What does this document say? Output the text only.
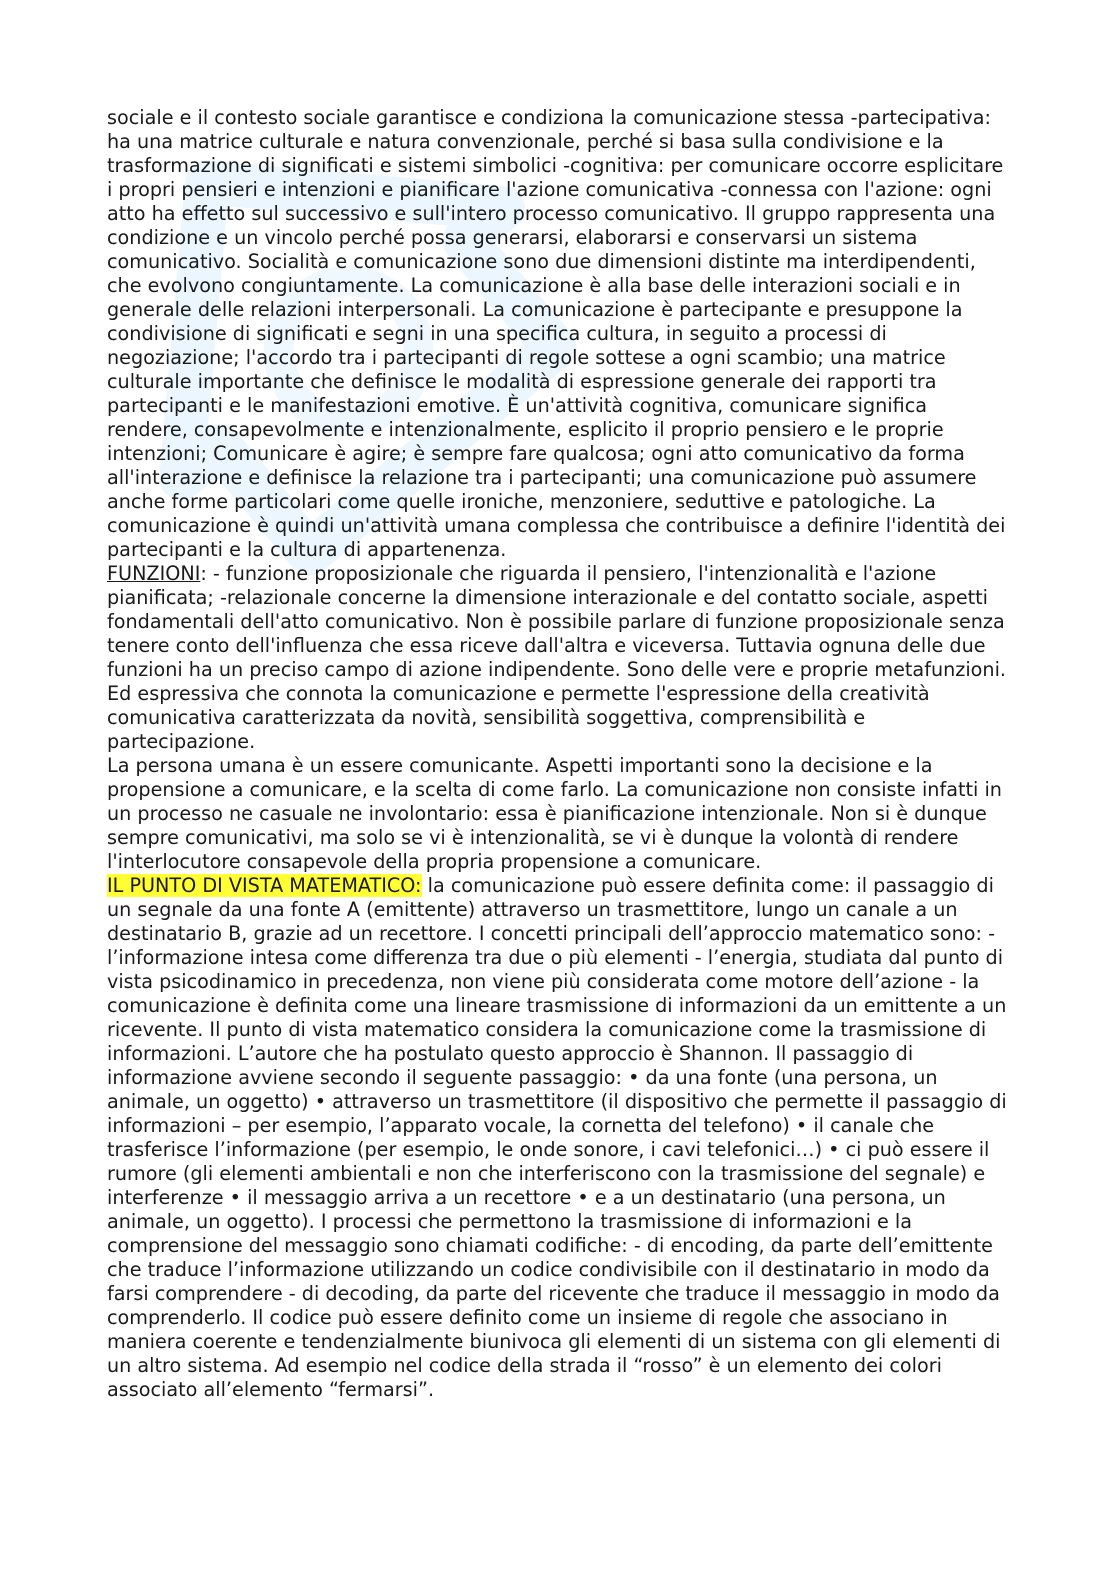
sociale e il contesto sociale garantisce e condiziona la comunicazione stessa -partecipativa: ha una matrice culturale e natura convenzionale, perché si basa sulla condivisione e la trasformazione di significati e sistemi simbolici -cognitiva: per comunicare occorre esplicitare i propri pensieri e intenzioni e pianificare l'azione comunicativa -connessa con l'azione: ogni atto ha effetto sul successivo e sull'intero processo comunicativo. Il gruppo rappresenta una condizione e un vincolo perché possa generarsi, elaborarsi e conservarsi un sistema comunicativo. Socialità e comunicazione sono due dimensioni distinte ma interdipendenti, che evolvono congiuntamente. La comunicazione è alla base delle interazioni sociali e in generale delle relazioni interpersonali. La comunicazione è partecipante e presuppone la condivisione di significati e segni in una specifica cultura, in seguito a processi di negoziazione; l'accordo tra i partecipanti di regole sottese a ogni scambio; una matrice culturale importante che definisce le modalità di espressione generale dei rapporti tra partecipanti e le manifestazioni emotive. È un'attività cognitiva, comunicare significa rendere, consapevolmente e intenzionalmente, esplicito il proprio pensiero e le proprie intenzioni; Comunicare è agire; è sempre fare qualcosa; ogni atto comunicativo da forma all'interazione e definisce la relazione tra i partecipanti; una comunicazione può assumere anche forme particolari come quelle ironiche, menzoniere, seduttive e patologiche. La comunicazione è quindi un'attività umana complessa che contribuisce a definire l'identità dei partecipanti e la cultura di appartenenza.

FUNZIONI: - funzione proposizionale che riguarda il pensiero, l'intenzionalità e l'azione pianificata; -relazionale concerne la dimensione interazionale e del contatto sociale, aspetti fondamentali dell'atto comunicativo. Non è possibile parlare di funzione proposizionale senza tenere conto dell'influenza che essa riceve dall'altra e viceversa. Tuttavia ognuna delle due funzioni ha un preciso campo di azione indipendente. Sono delle vere e proprie metafunzioni. Ed espressiva che connota la comunicazione e permette l'espressione della creatività comunicativa caratterizzata da novità, sensibilità soggettiva, comprensibilità e partecipazione.

La persona umana è un essere comunicante. Aspetti importanti sono la decisione e la propensione a comunicare, e la scelta di come farlo. La comunicazione non consiste infatti in un processo ne casuale ne involontario: essa è pianificazione intenzionale. Non si è dunque sempre comunicativi, ma solo se vi è intenzionalità, se vi è dunque la volontà di rendere l'interlocutore consapevole della propria propensione a comunicare.

IL PUNTO DI VISTA MATEMATICO: la comunicazione può essere definita come: il passaggio di un segnale da una fonte A (emittente) attraverso un trasmettitore, lungo un canale a un destinatario B, grazie ad un recettore. I concetti principali dell’approccio matematico sono: - l’informazione intesa come differenza tra due o più elementi - l’energia, studiata dal punto di vista psicodinamico in precedenza, non viene più considerata come motore dell’azione - la comunicazione è definita come una lineare trasmissione di informazioni da un emittente a un ricevente. Il punto di vista matematico considera la comunicazione come la trasmissione di informazioni. L’autore che ha postulato questo approccio è Shannon. Il passaggio di informazione avviene secondo il seguente passaggio: • da una fonte (una persona, un animale, un oggetto) • attraverso un trasmettitore (il dispositivo che permette il passaggio di informazioni – per esempio, l’apparato vocale, la cornetta del telefono) • il canale che trasferisce l’informazione (per esempio, le onde sonore, i cavi telefonici…) • ci può essere il rumore (gli elementi ambientali e non che interferiscono con la trasmissione del segnale) e interferenze • il messaggio arriva a un recettore • e a un destinatario (una persona, un animale, un oggetto). I processi che permettono la trasmissione di informazioni e la comprensione del messaggio sono chiamati codifiche: - di encoding, da parte dell’emittente che traduce l’informazione utilizzando un codice condivisibile con il destinatario in modo da farsi comprendere - di decoding, da parte del ricevente che traduce il messaggio in modo da comprenderlo. Il codice può essere definito come un insieme di regole che associano in maniera coerente e tendenzialmente biunivoca gli elementi di un sistema con gli elementi di un altro sistema. Ad esempio nel codice della strada il “rosso” è un elemento dei colori associato all’elemento “fermarsi”.
